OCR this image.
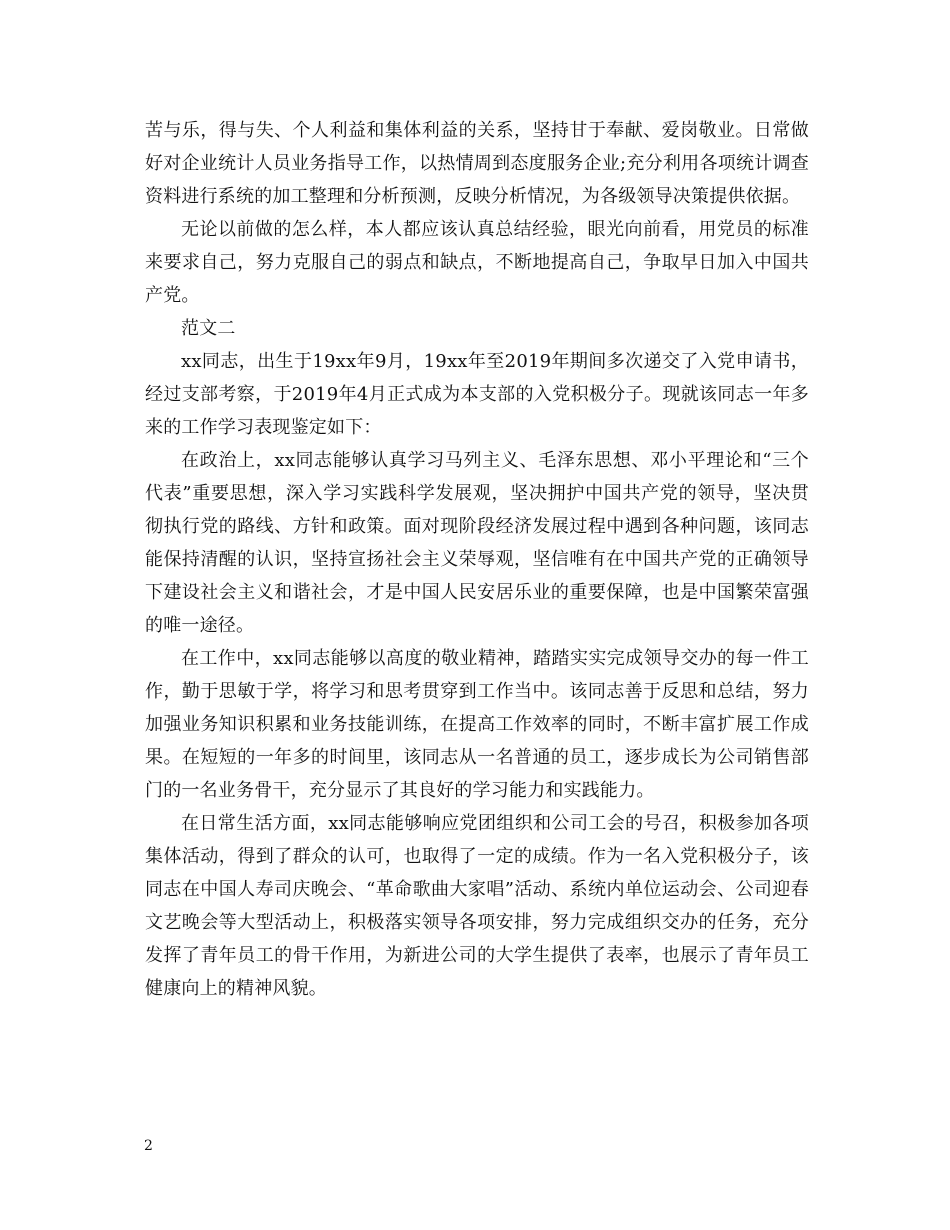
苦与乐，得与失、个人利益和集体利益的关系，坚持甘于奉献、爱岗敬业。日常做好对企业统计人员业务指导工作，以热情周到态度服务企业;充分利用各项统计调查资料进行系统的加工整理和分析预测，反映分析情况，为各级领导决策提供依据。

无论以前做的怎么样，本人都应该认真总结经验，眼光向前看，用党员的标准来要求自己，努力克服自己的弱点和缺点，不断地提高自己，争取早日加入中国共产党。

范文二

xx同志，出生于19xx年9月，19xx年至2019年期间多次递交了入党申请书，经过支部考察，于2019年4月正式成为本支部的入党积极分子。现就该同志一年多来的工作学习表现鉴定如下：

在政治上，xx同志能够认真学习马列主义、毛泽东思想、邓小平理论和“三个代表”重要思想，深入学习实践科学发展观，坚决拥护中国共产党的领导，坚决贯彻执行党的路线、方针和政策。面对现阶段经济发展过程中遇到各种问题，该同志能保持清醒的认识，坚持宣扬社会主义荣辱观，坚信唯有在中国共产党的正确领导下建设社会主义和谐社会，才是中国人民安居乐业的重要保障，也是中国繁荣富强的唯一途径。

在工作中，xx同志能够以高度的敬业精神，踏踏实实完成领导交办的每一件工作，勤于思敏于学，将学习和思考贯穿到工作当中。该同志善于反思和总结，努力加强业务知识积累和业务技能训练，在提高工作效率的同时，不断丰富扩展工作成果。在短短的一年多的时间里，该同志从一名普通的员工，逐步成长为公司销售部门的一名业务骨干，充分显示了其良好的学习能力和实践能力。

在日常生活方面，xx同志能够响应党团组织和公司工会的号召，积极参加各项集体活动，得到了群众的认可，也取得了一定的成绩。作为一名入党积极分子，该同志在中国人寿司庆晚会、“革命歌曲大家唱”活动、系统内单位运动会、公司迎春文艺晚会等大型活动上，积极落实领导各项安排，努力完成组织交办的任务，充分发挥了青年员工的骨干作用，为新进公司的大学生提供了表率，也展示了青年员工健康向上的精神风貌。

2
